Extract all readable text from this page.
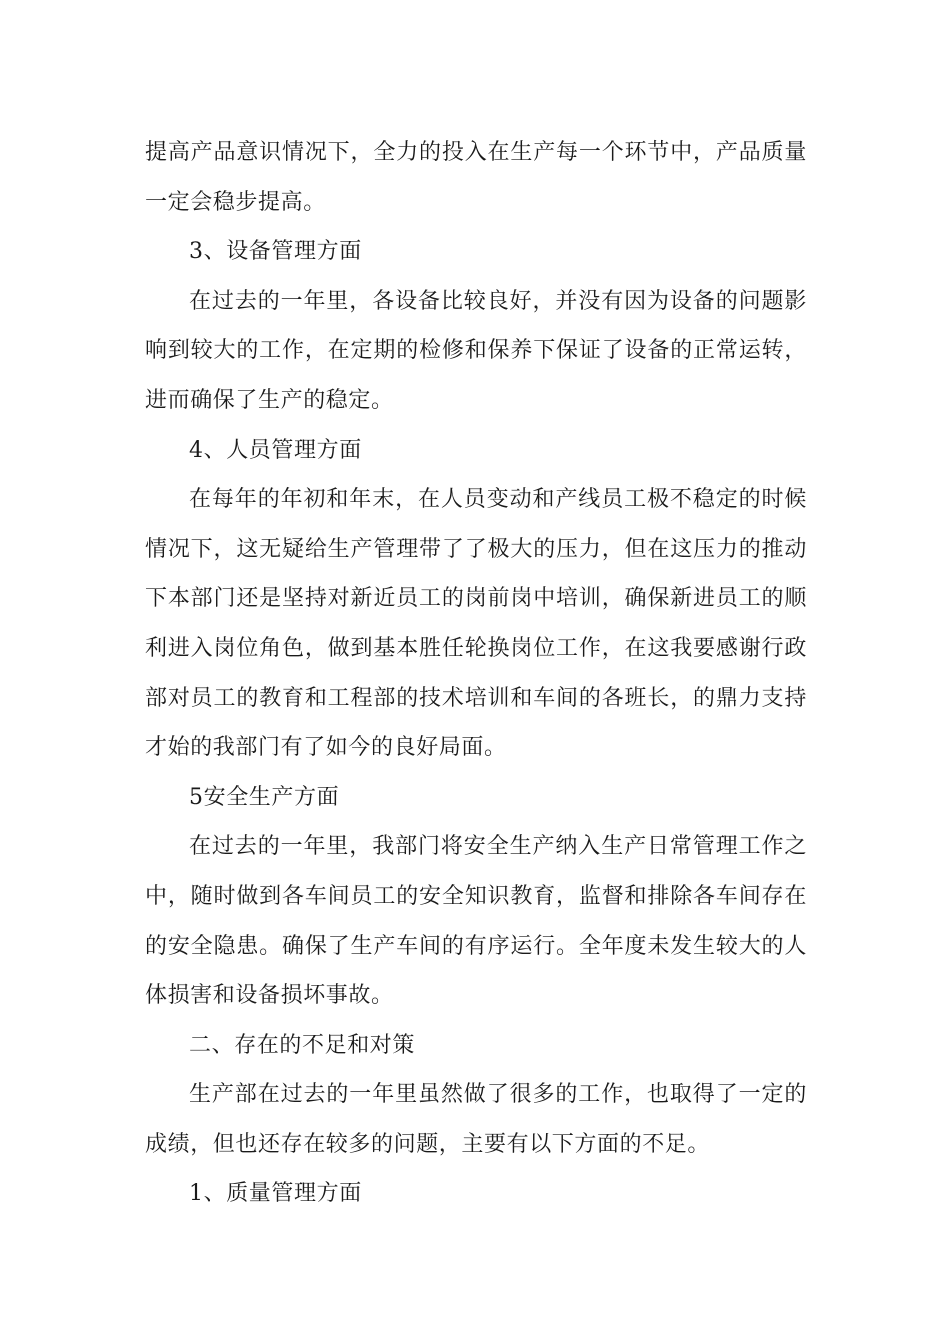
提高产品意识情况下，全力的投入在生产每一个环节中，产品质量一定会稳步提高。

3、设备管理方面

在过去的一年里，各设备比较良好，并没有因为设备的问题影响到较大的工作，在定期的检修和保养下保证了设备的正常运转，进而确保了生产的稳定。

4、人员管理方面

在每年的年初和年末，在人员变动和产线员工极不稳定的时候情况下，这无疑给生产管理带了了极大的压力，但在这压力的推动下本部门还是坚持对新近员工的岗前岗中培训，确保新进员工的顺利进入岗位角色，做到基本胜任轮换岗位工作，在这我要感谢行政部对员工的教育和工程部的技术培训和车间的各班长，的鼎力支持才始的我部门有了如今的良好局面。

5安全生产方面

在过去的一年里，我部门将安全生产纳入生产日常管理工作之中，随时做到各车间员工的安全知识教育，监督和排除各车间存在的安全隐患。确保了生产车间的有序运行。全年度未发生较大的人体损害和设备损坏事故。

二、存在的不足和对策

生产部在过去的一年里虽然做了很多的工作，也取得了一定的成绩，但也还存在较多的问题，主要有以下方面的不足。

1、质量管理方面
